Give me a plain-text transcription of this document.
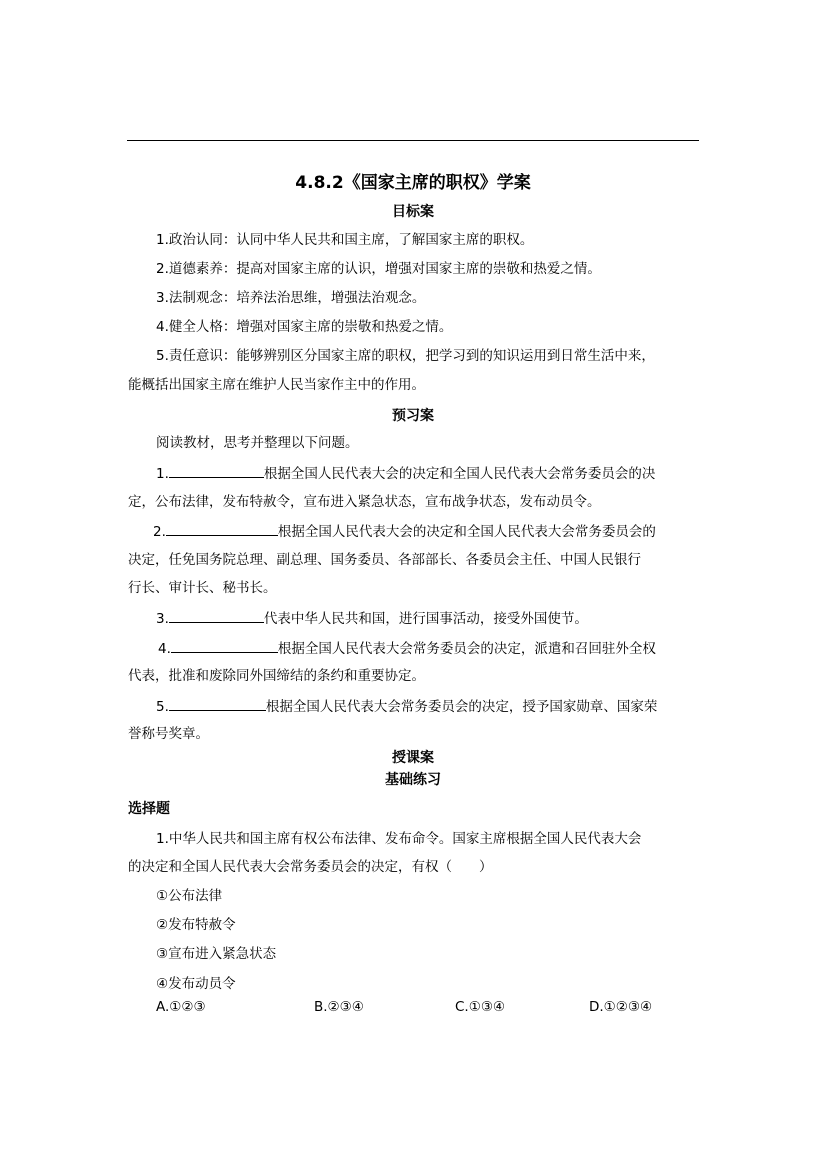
4.8.2《国家主席的职权》学案
目标案
1.政治认同：认同中华人民共和国主席，了解国家主席的职权。
2.道德素养：提高对国家主席的认识，增强对国家主席的崇敬和热爱之情。
3.法制观念：培养法治思维，增强法治观念。
4.健全人格：增强对国家主席的崇敬和热爱之情。
5.责任意识：能够辨别区分国家主席的职权，把学习到的知识运用到日常生活中来，
能概括出国家主席在维护人民当家作主中的作用。
预习案
阅读教材，思考并整理以下问题。
1.	根据全国人民代表大会的决定和全国人民代表大会常务委员会的决
定，公布法律，发布特赦令，宣布进入紧急状态，宣布战争状态，发布动员令。
2.	根据全国人民代表大会的决定和全国人民代表大会常务委员会的
决定，任免国务院总理、副总理、国务委员、各部部长、各委员会主任、中国人民银行
行长、审计长、秘书长。
3.	代表中华人民共和国，进行国事活动，接受外国使节。
4.	根据全国人民代表大会常务委员会的决定，派遣和召回驻外全权
代表，批准和废除同外国缔结的条约和重要协定。
5.	根据全国人民代表大会常务委员会的决定，授予国家勋章、国家荣
誉称号奖章。
授课案
基础练习
选择题
1.中华人民共和国主席有权公布法律、发布命令。国家主席根据全国人民代表大会
的决定和全国人民代表大会常务委员会的决定，有权（　　）
①公布法律
②发布特赦令
③宣布进入紧急状态
④发布动员令
A.①②③	B.②③④	C.①③④	D.①②③④
